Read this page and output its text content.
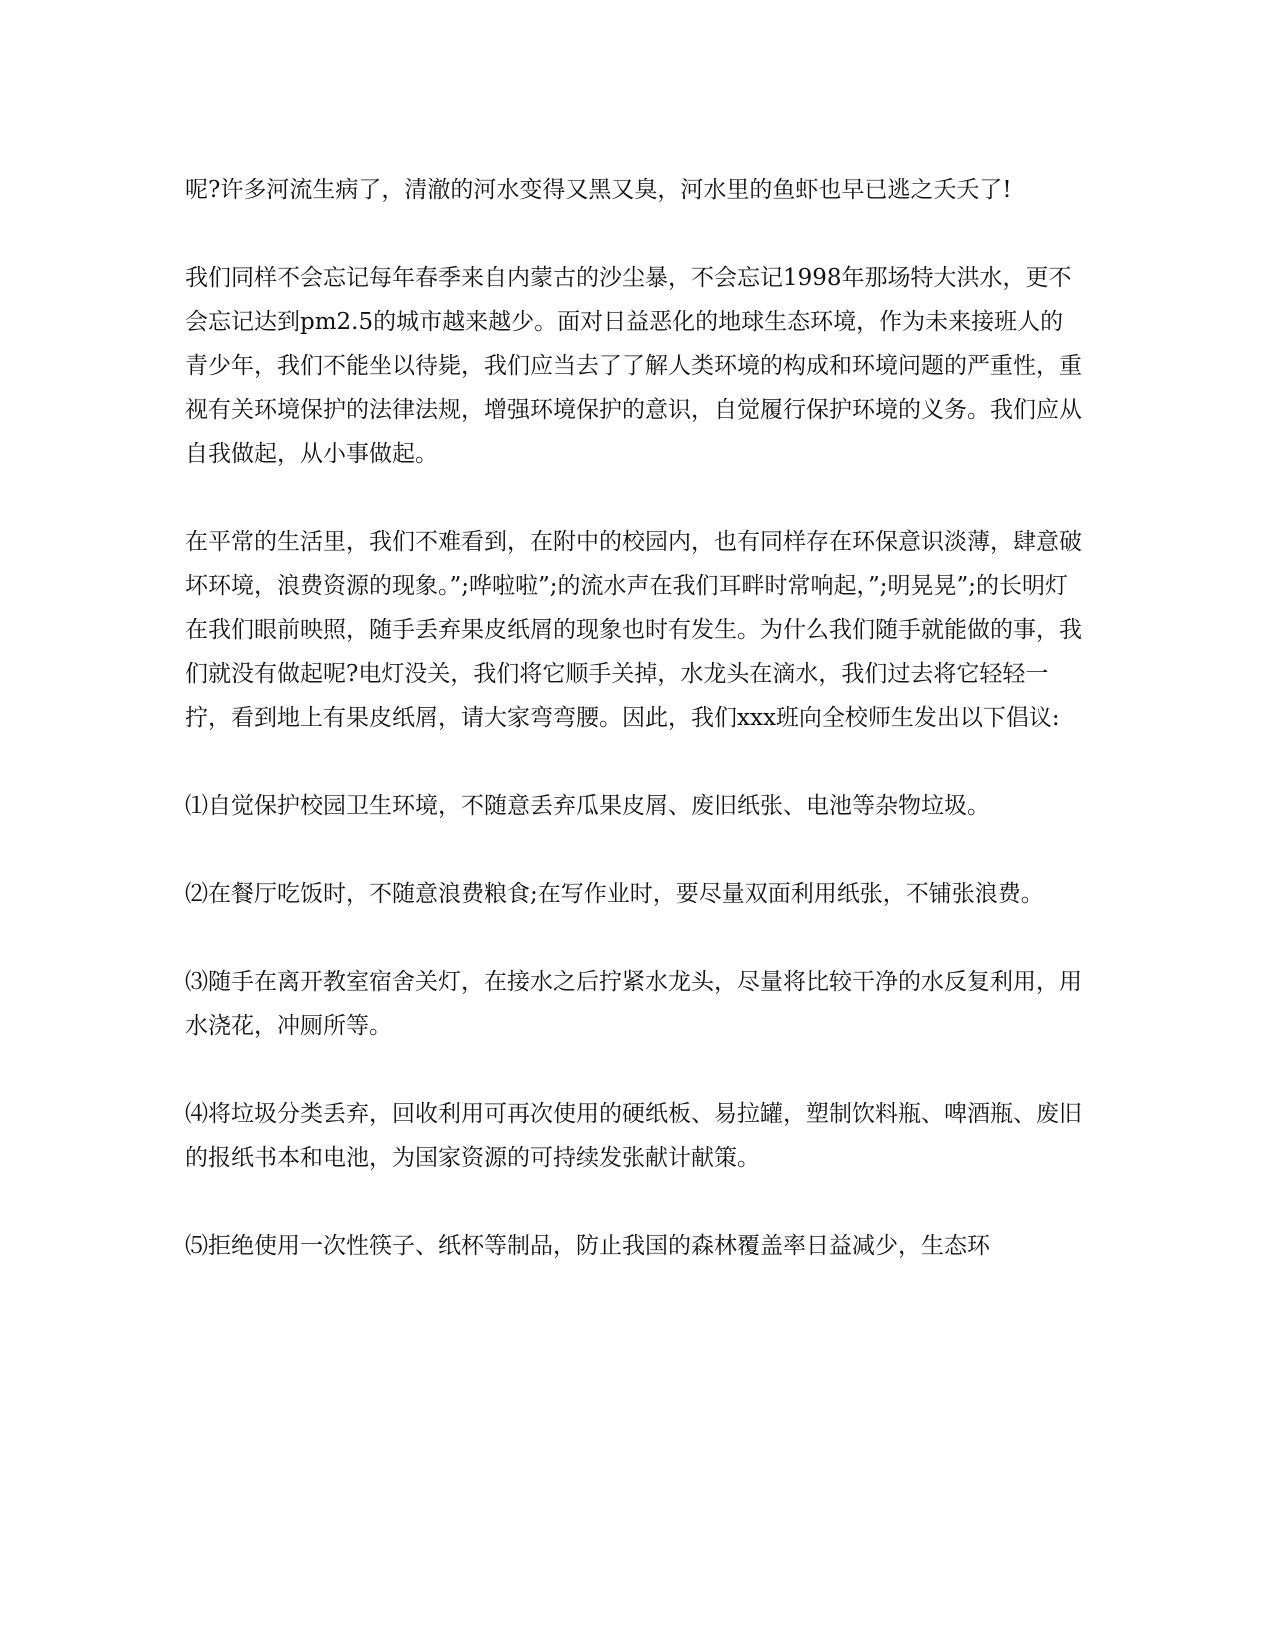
呢?许多河流生病了，清澈的河水变得又黑又臭，河水里的鱼虾也早已逃之夭夭了!

我们同样不会忘记每年春季来自内蒙古的沙尘暴，不会忘记1998年那场特大洪水，更不会忘记达到pm2.5的城市越来越少。面对日益恶化的地球生态环境，作为未来接班人的青少年，我们不能坐以待毙，我们应当去了了解人类环境的构成和环境问题的严重性，重视有关环境保护的法律法规，增强环境保护的意识，自觉履行保护环境的义务。我们应从自我做起，从小事做起。

在平常的生活里，我们不难看到，在附中的校园内，也有同样存在环保意识淡薄，肆意破坏环境，浪费资源的现象。”;哗啦啦”;的流水声在我们耳畔时常响起，”;明晃晃”;的长明灯在我们眼前映照，随手丢弃果皮纸屑的现象也时有发生。为什么我们随手就能做的事，我们就没有做起呢?电灯没关，我们将它顺手关掉，水龙头在滴水，我们过去将它轻轻一拧，看到地上有果皮纸屑，请大家弯弯腰。因此，我们xxx班向全校师生发出以下倡议:

⑴自觉保护校园卫生环境，不随意丢弃瓜果皮屑、废旧纸张、电池等杂物垃圾。

⑵在餐厅吃饭时，不随意浪费粮食;在写作业时，要尽量双面利用纸张，不铺张浪费。

⑶随手在离开教室宿舍关灯，在接水之后拧紧水龙头，尽量将比较干净的水反复利用，用水浇花，冲厕所等。

⑷将垃圾分类丢弃，回收利用可再次使用的硬纸板、易拉罐，塑制饮料瓶、啤酒瓶、废旧的报纸书本和电池，为国家资源的可持续发张献计献策。

⑸拒绝使用一次性筷子、纸杯等制品，防止我国的森林覆盖率日益减少，生态环
